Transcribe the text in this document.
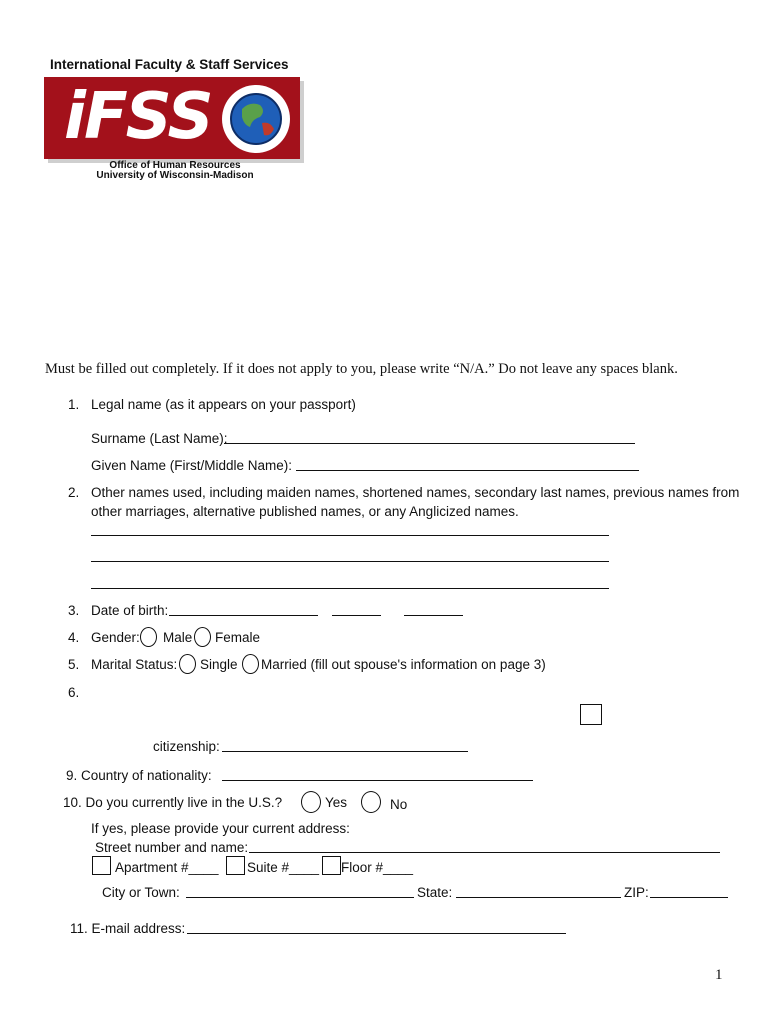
International Faculty & Staff Services
iFSS
Office of Human Resources
University of Wisconsin-Madison
Must be filled out completely. If it does not apply to you, please write “N/A.” Do not leave any spaces blank.
1. Legal name (as it appears on your passport)
Surname (Last Name):
Given Name (First/Middle Name):
2. Other names used, including maiden names, shortened names, secondary last names, previous names from
other marriages, alternative published names, or any Anglicized names.
3. Date of birth:
4. Gender: Male Female
5. Marital Status: Single Married (fill out spouse's information on page 3)
6.
citizenship:
9. Country of nationality:
10. Do you currently live in the U.S.?	Yes	No
If yes, please provide your current address:
Street number and name:
Apartment #____ Suite #____ Floor #____
City or Town:	State:	ZIP:
11. E-mail address:
1
